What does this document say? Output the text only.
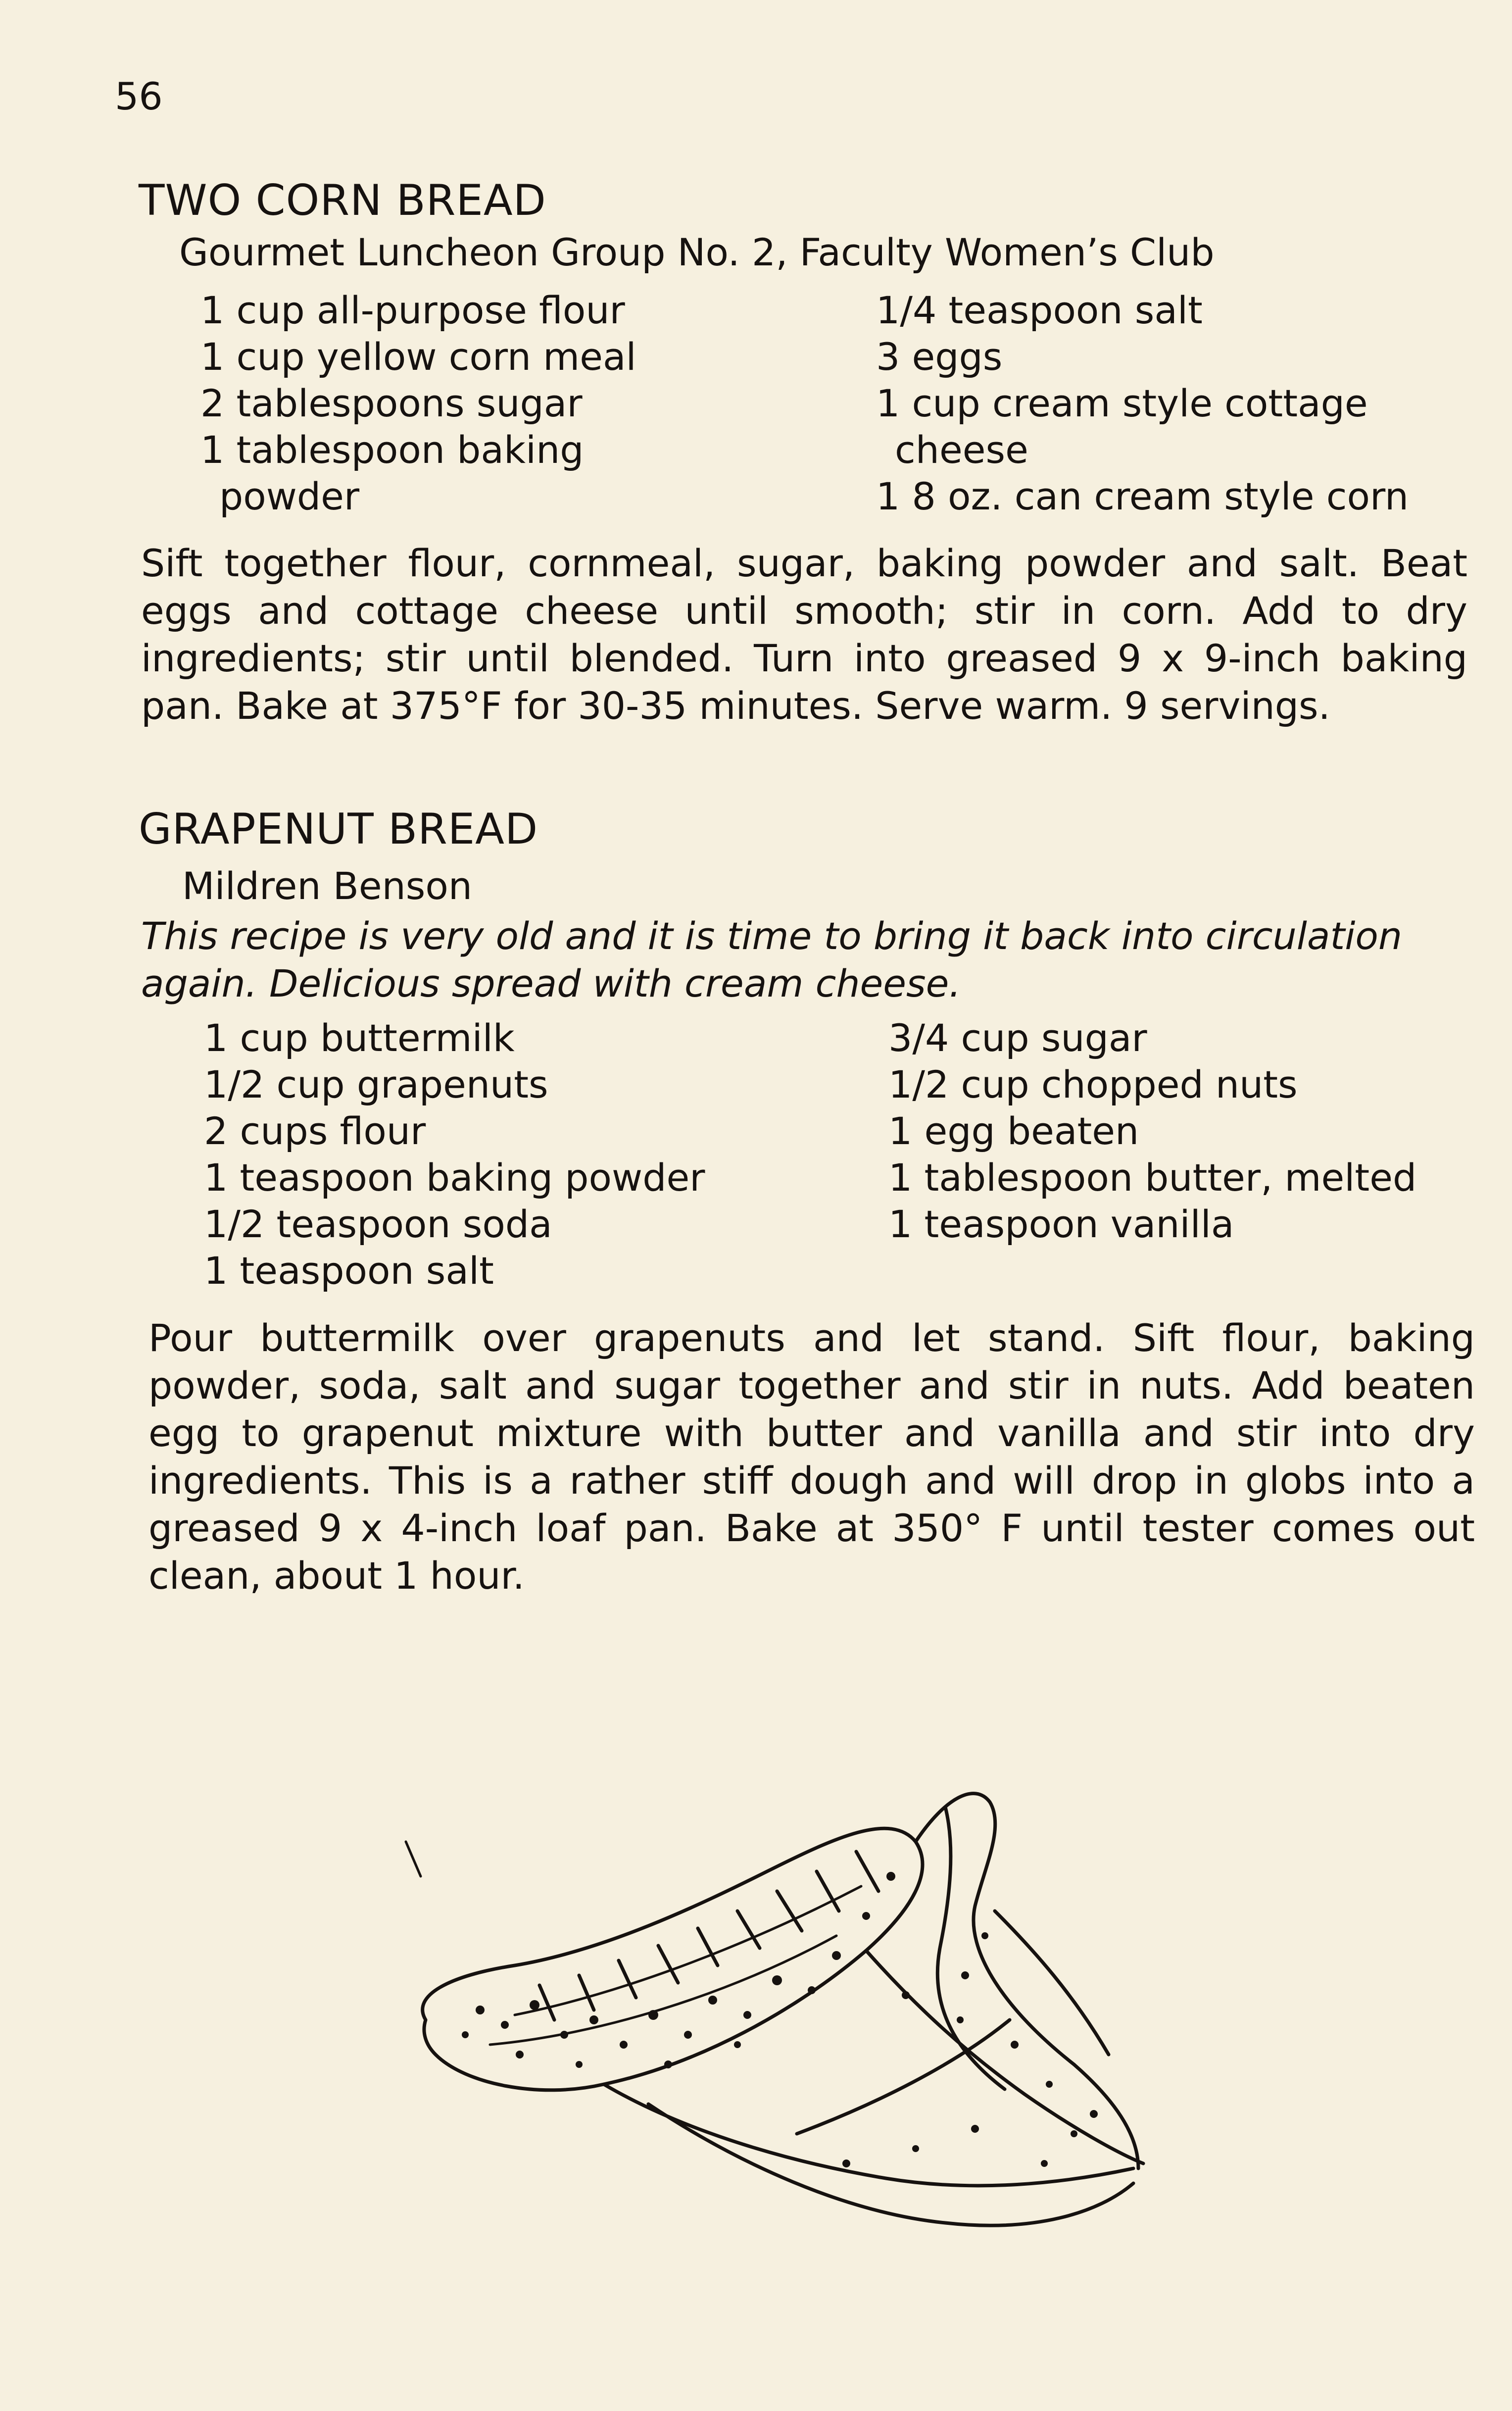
56
TWO CORN BREAD
Gourmet Luncheon Group No. 2, Faculty Women’s Club
1 cup all-purpose flour
1 cup yellow corn meal
2 tablespoons sugar
1 tablespoon baking
powder
1/4 teaspoon salt
3 eggs
1 cup cream style cottage
cheese
1 8 oz. can cream style corn
Sift together flour, cornmeal, sugar, baking powder and salt. Beat eggs and cottage cheese until smooth; stir in corn. Add to dry ingredients; stir until blended. Turn into greased 9 x 9-inch baking pan. Bake at 375°F for 30-35 minutes. Serve warm. 9 servings.
GRAPENUT BREAD
Mildren Benson
This recipe is very old and it is time to bring it back into circulation again. Delicious spread with cream cheese.
1 cup buttermilk
1/2 cup grapenuts
2 cups flour
1 teaspoon baking powder
1/2 teaspoon soda
1 teaspoon salt
3/4 cup sugar
1/2 cup chopped nuts
1 egg beaten
1 tablespoon butter, melted
1 teaspoon vanilla
Pour buttermilk over grapenuts and let stand. Sift flour, baking powder, soda, salt and sugar together and stir in nuts. Add beaten egg to grapenut mixture with butter and vanilla and stir into dry ingredients. This is a rather stiff dough and will drop in globs into a greased 9 x 4-inch loaf pan. Bake at 350° F until tester comes out clean, about 1 hour.
